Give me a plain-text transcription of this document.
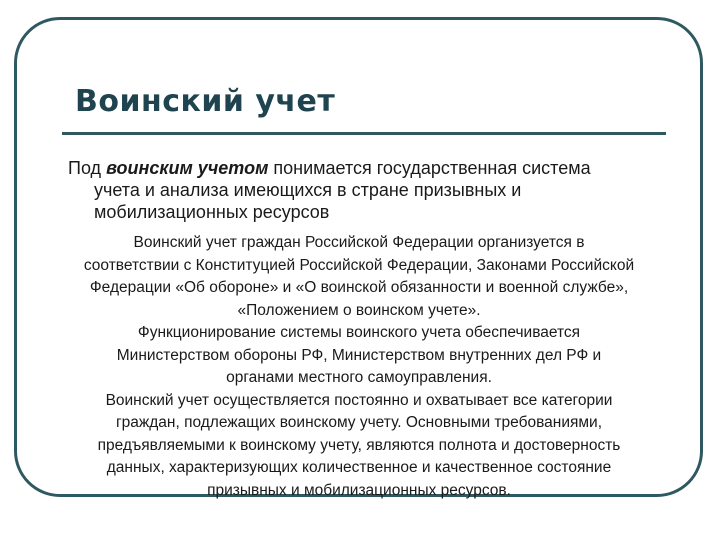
Воинский учет

Под воинским учетом понимается государственная система
учета и анализа имеющихся в стране призывных и
мобилизационных ресурсов

Воинский учет граждан Российской Федерации организуется в
соответствии с Конституцией Российской Федерации, Законами Российской
Федерации «Об обороне» и «О воинской обязанности и военной службе»,
«Положением о воинском учете».
Функционирование системы воинского учета обеспечивается
Министерством обороны РФ, Министерством внутренних дел РФ и
органами местного самоуправления.
Воинский учет осуществляется постоянно и охватывает все категории
граждан, подлежащих воинскому учету. Основными требованиями,
предъявляемыми к воинскому учету, являются полнота и достоверность
данных, характеризующих количественное и качественное состояние
призывных и мобилизационных ресурсов.
